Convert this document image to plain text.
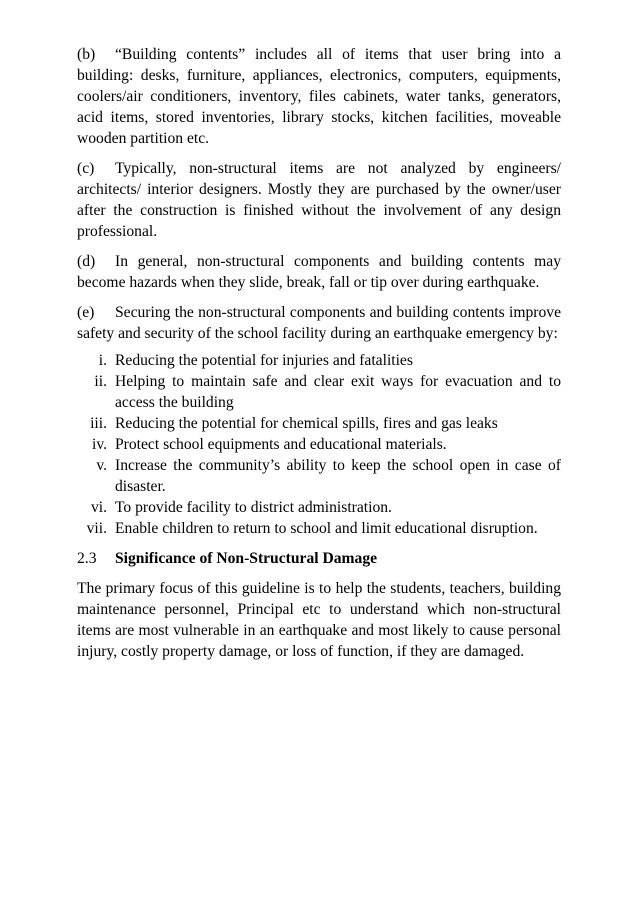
(b) “Building contents” includes all of items that user bring into a building: desks, furniture, appliances, electronics, computers, equipments, coolers/air conditioners, inventory, files cabinets, water tanks, generators, acid items, stored inventories, library stocks, kitchen facilities, moveable wooden partition etc.

(c) Typically, non-structural items are not analyzed by engineers/ architects/ interior designers. Mostly they are purchased by the owner/user after the construction is finished without the involvement of any design professional.

(d) In general, non-structural components and building contents may become hazards when they slide, break, fall or tip over during earthquake.

(e) Securing the non-structural components and building contents improve safety and security of the school facility during an earthquake emergency by:

i. Reducing the potential for injuries and fatalities
ii. Helping to maintain safe and clear exit ways for evacuation and to access the building
iii. Reducing the potential for chemical spills, fires and gas leaks
iv. Protect school equipments and educational materials.
v. Increase the community’s ability to keep the school open in case of disaster.
vi. To provide facility to district administration.
vii. Enable children to return to school and limit educational disruption.

2.3 Significance of Non-Structural Damage

The primary focus of this guideline is to help the students, teachers, building maintenance personnel, Principal etc to understand which non-structural items are most vulnerable in an earthquake and most likely to cause personal injury, costly property damage, or loss of function, if they are damaged.
